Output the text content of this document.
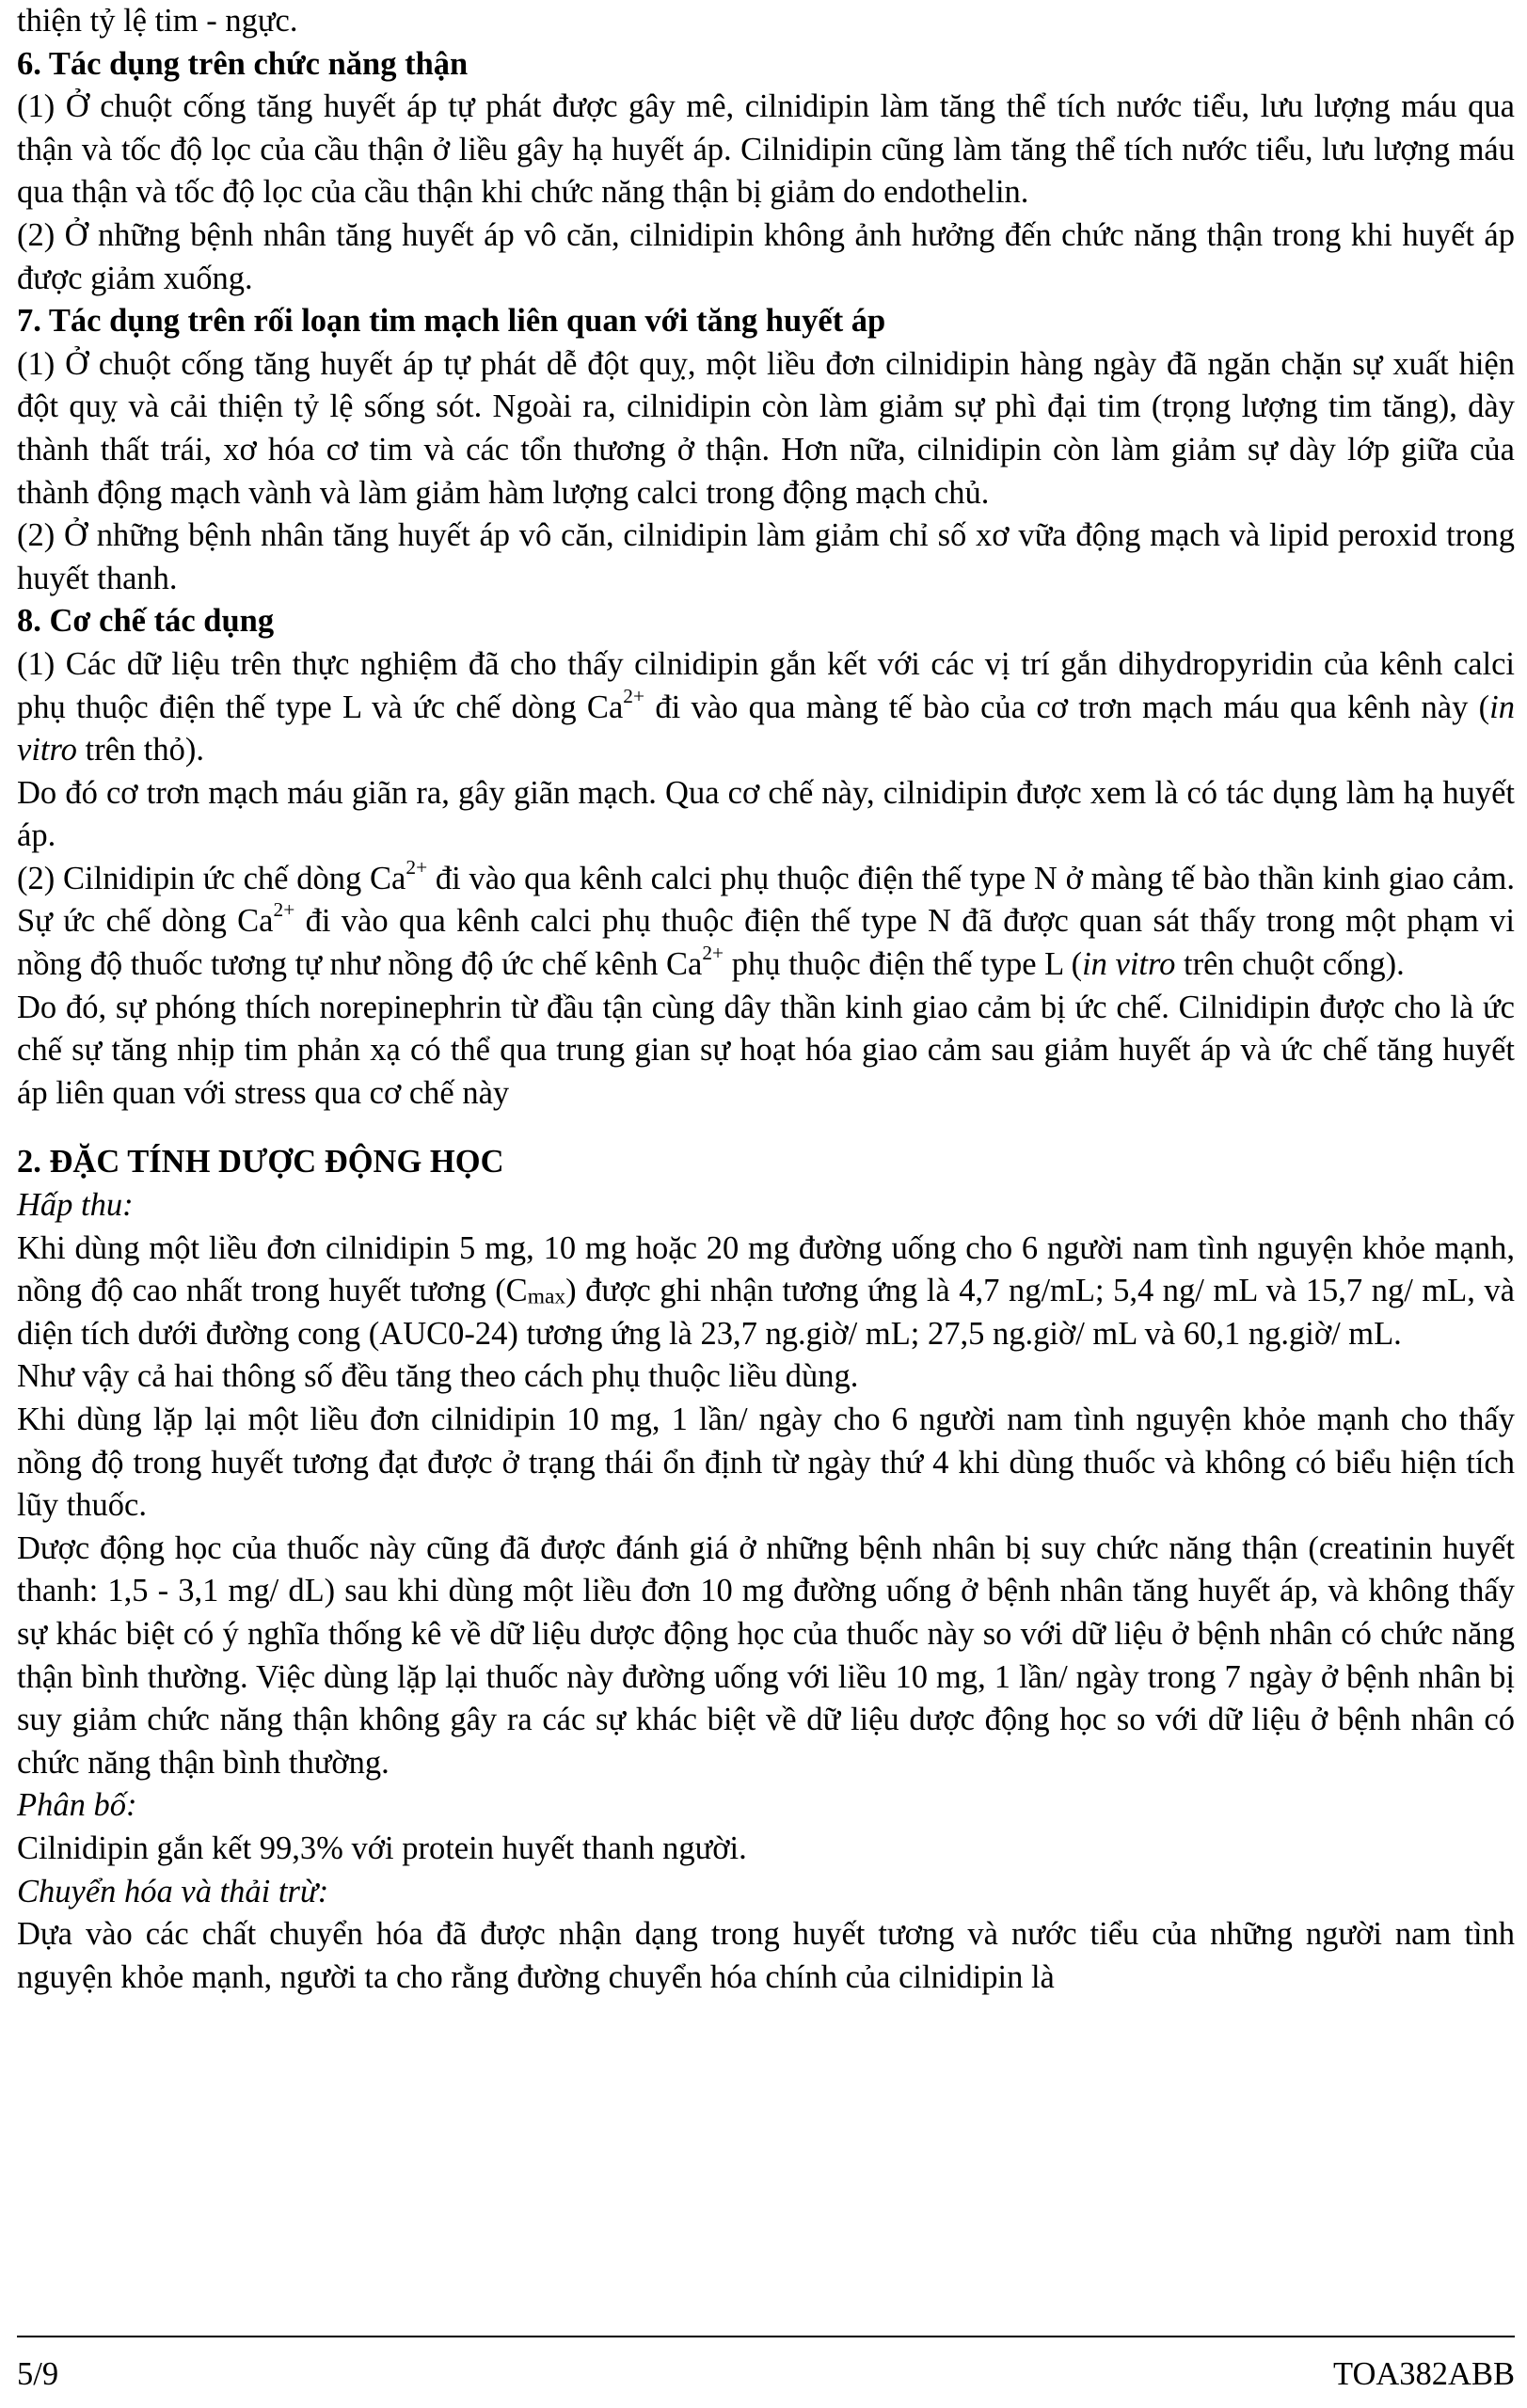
thiện tỷ lệ tim - ngực.

6. Tác dụng trên chức năng thận

(1) Ở chuột cống tăng huyết áp tự phát được gây mê, cilnidipin làm tăng thể tích nước tiểu, lưu lượng máu qua thận và tốc độ lọc của cầu thận ở liều gây hạ huyết áp. Cilnidipin cũng làm tăng thể tích nước tiểu, lưu lượng máu qua thận và tốc độ lọc của cầu thận khi chức năng thận bị giảm do endothelin.

(2) Ở những bệnh nhân tăng huyết áp vô căn, cilnidipin không ảnh hưởng đến chức năng thận trong khi huyết áp được giảm xuống.

7. Tác dụng trên rối loạn tim mạch liên quan với tăng huyết áp

(1) Ở chuột cống tăng huyết áp tự phát dễ đột quỵ, một liều đơn cilnidipin hàng ngày đã ngăn chặn sự xuất hiện đột quỵ và cải thiện tỷ lệ sống sót. Ngoài ra, cilnidipin còn làm giảm sự phì đại tim (trọng lượng tim tăng), dày thành thất trái, xơ hóa cơ tim và các tổn thương ở thận. Hơn nữa, cilnidipin còn làm giảm sự dày lớp giữa của thành động mạch vành và làm giảm hàm lượng calci trong động mạch chủ.

(2) Ở những bệnh nhân tăng huyết áp vô căn, cilnidipin làm giảm chỉ số xơ vữa động mạch và lipid peroxid trong huyết thanh.

8. Cơ chế tác dụng

(1) Các dữ liệu trên thực nghiệm đã cho thấy cilnidipin gắn kết với các vị trí gắn dihydropyridin của kênh calci phụ thuộc điện thế type L và ức chế dòng $Ca^{2+}$ đi vào qua màng tế bào của cơ trơn mạch máu qua kênh này (in vitro trên thỏ).

Do đó cơ trơn mạch máu giãn ra, gây giãn mạch. Qua cơ chế này, cilnidipin được xem là có tác dụng làm hạ huyết áp.

(2) Cilnidipin ức chế dòng $Ca^{2+}$ đi vào qua kênh calci phụ thuộc điện thế type N ở màng tế bào thần kinh giao cảm. Sự ức chế dòng $Ca^{2+}$ đi vào qua kênh calci phụ thuộc điện thế type N đã được quan sát thấy trong một phạm vi nồng độ thuốc tương tự như nồng độ ức chế kênh $Ca^{2+}$ phụ thuộc điện thế type L (in vitro trên chuột cống).

Do đó, sự phóng thích norepinephrin từ đầu tận cùng dây thần kinh giao cảm bị ức chế. Cilnidipin được cho là ức chế sự tăng nhịp tim phản xạ có thể qua trung gian sự hoạt hóa giao cảm sau giảm huyết áp và ức chế tăng huyết áp liên quan với stress qua cơ chế này

2. ĐẶC TÍNH DƯỢC ĐỘNG HỌC

Hấp thu:

Khi dùng một liều đơn cilnidipin 5 mg, 10 mg hoặc 20 mg đường uống cho 6 người nam tình nguyện khỏe mạnh, nồng độ cao nhất trong huyết tương $(C_{max})$ được ghi nhận tương ứng là 4,7 ng/mL; 5,4 ng/ mL và 15,7 ng/ mL, và diện tích dưới đường cong (AUC0-24) tương ứng là 23,7 ng.giờ/ mL; 27,5 ng.giờ/ mL và 60,1 ng.giờ/ mL.

Như vậy cả hai thông số đều tăng theo cách phụ thuộc liều dùng.

Khi dùng lặp lại một liều đơn cilnidipin 10 mg, 1 lần/ ngày cho 6 người nam tình nguyện khỏe mạnh cho thấy nồng độ trong huyết tương đạt được ở trạng thái ổn định từ ngày thứ 4 khi dùng thuốc và không có biểu hiện tích lũy thuốc.

Dược động học của thuốc này cũng đã được đánh giá ở những bệnh nhân bị suy chức năng thận (creatinin huyết thanh: 1,5 - 3,1 mg/ dL) sau khi dùng một liều đơn 10 mg đường uống ở bệnh nhân tăng huyết áp, và không thấy sự khác biệt có ý nghĩa thống kê về dữ liệu dược động học của thuốc này so với dữ liệu ở bệnh nhân có chức năng thận bình thường. Việc dùng lặp lại thuốc này đường uống với liều 10 mg, 1 lần/ ngày trong 7 ngày ở bệnh nhân bị suy giảm chức năng thận không gây ra các sự khác biệt về dữ liệu dược động học so với dữ liệu ở bệnh nhân có chức năng thận bình thường.

Phân bố:

Cilnidipin gắn kết 99,3% với protein huyết thanh người.

Chuyển hóa và thải trừ:

Dựa vào các chất chuyển hóa đã được nhận dạng trong huyết tương và nước tiểu của những người nam tình nguyện khỏe mạnh, người ta cho rằng đường chuyển hóa chính của cilnidipin là

5/9	TOA382ABB
